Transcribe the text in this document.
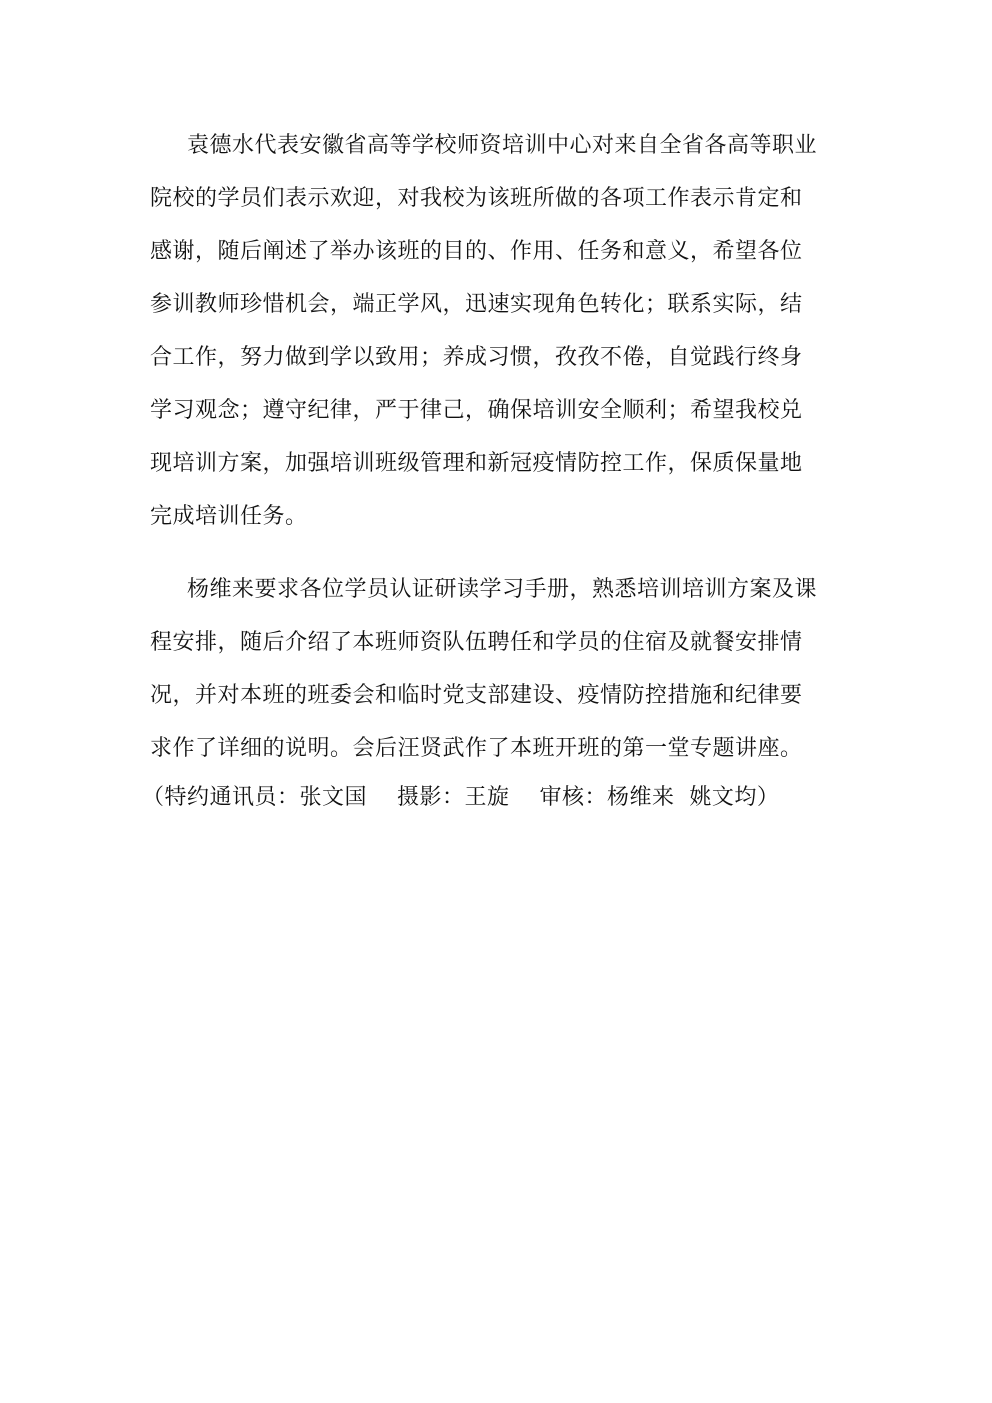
袁德水代表安徽省高等学校师资培训中心对来自全省各高等职业
院校的学员们表示欢迎，对我校为该班所做的各项工作表示肯定和
感谢，随后阐述了举办该班的目的、作用、任务和意义，希望各位
参训教师珍惜机会，端正学风，迅速实现角色转化；联系实际，结
合工作，努力做到学以致用；养成习惯，孜孜不倦，自觉践行终身
学习观念；遵守纪律，严于律己，确保培训安全顺利；希望我校兑
现培训方案，加强培训班级管理和新冠疫情防控工作，保质保量地
完成培训任务。
杨维来要求各位学员认证研读学习手册，熟悉培训培训方案及课
程安排，随后介绍了本班师资队伍聘任和学员的住宿及就餐安排情
况，并对本班的班委会和临时党支部建设、疫情防控措施和纪律要
求作了详细的说明。会后汪贤武作了本班开班的第一堂专题讲座。
（特约通讯员：张文国    摄影：王旋    审核：杨维来  姚文均）
